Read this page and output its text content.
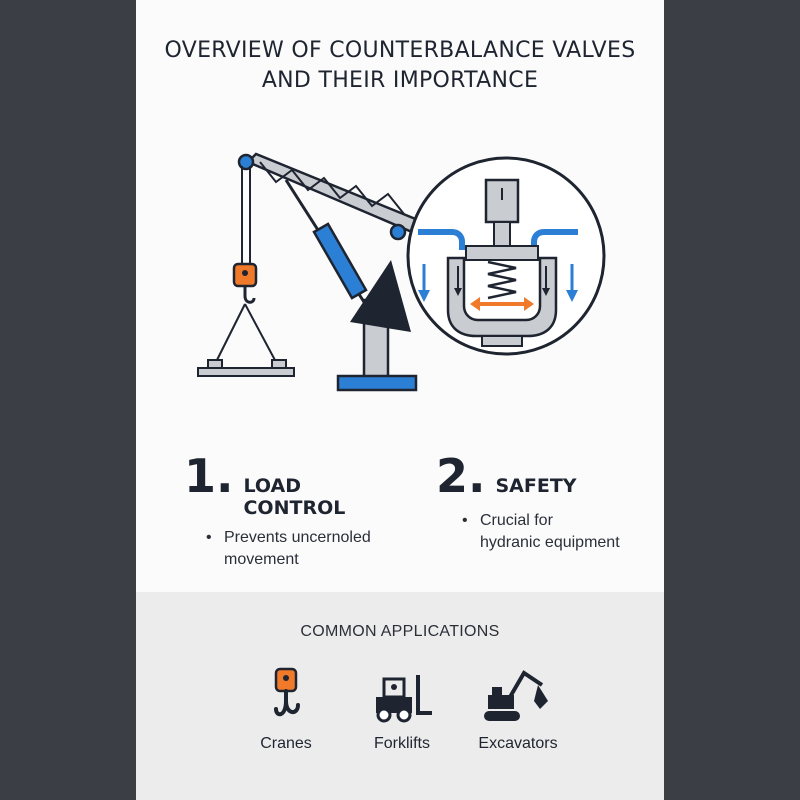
OVERVIEW OF COUNTERBALANCE VALVES
AND THEIR IMPORTANCE
1. LOAD CONTROL
• Prevents uncernoled
movement
2. SAFETY
• Crucial for
hydranic equipment
COMMON APPLICATIONS
Cranes	Forklifts	Excavators
